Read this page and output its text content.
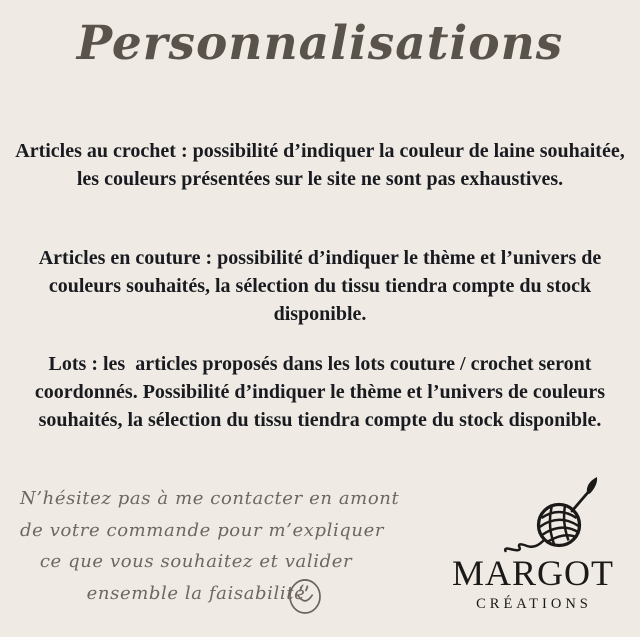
Personnalisations
Articles au crochet : possibilité d’indiquer la couleur de laine souhaitée,
les couleurs présentées sur le site ne sont pas exhaustives.
Articles en couture : possibilité d’indiquer le thème et l’univers de
couleurs souhaités, la sélection du tissu tiendra compte du stock
disponible.
Lots : les  articles proposés dans les lots couture / crochet seront
coordonnés. Possibilité d’indiquer le thème et l’univers de couleurs
souhaités, la sélection du tissu tiendra compte du stock disponible.
N’hésitez pas à me contacter en amont
de votre commande pour m’expliquer
ce que vous souhaitez et valider
ensemble la faisabilité	MARGOT
CRÉATIONS
